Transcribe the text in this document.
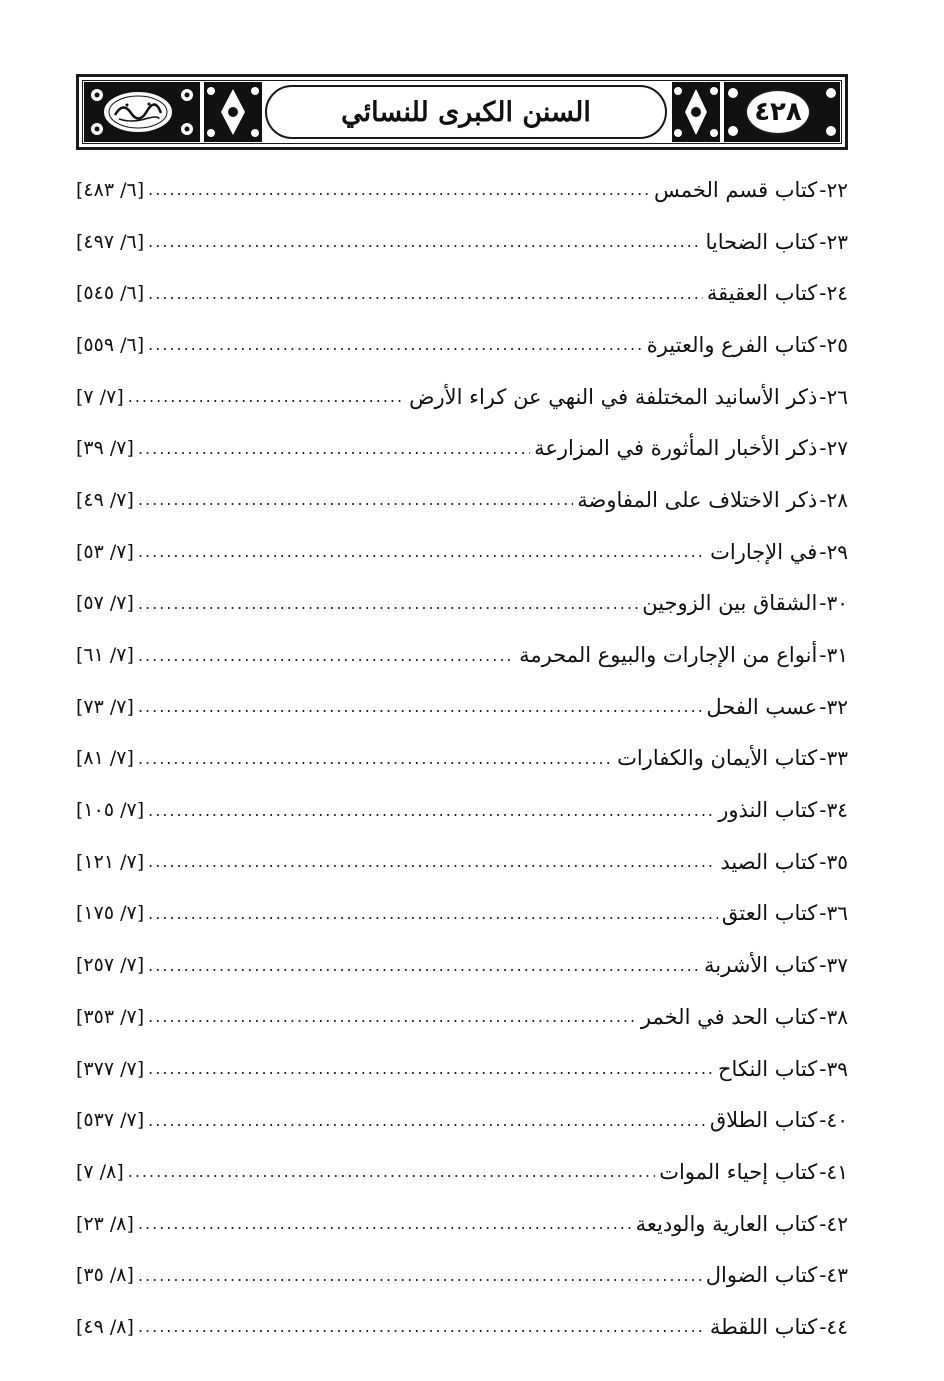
السنن الكبرى للنسائي	٤٢٨
٢٢-
كتاب قسم الخمس
.....
[٦/ ٤٨٣]
٢٣-
كتاب الضحايا
.....
[٦/ ٤٩٧]
٢٤-
كتاب العقيقة
.....
[٦/ ٥٤٥]
٢٥-
كتاب الفرع والعتيرة
.....
[٦/ ٥٥٩]
٢٦-
ذكر الأسانيد المختلفة في النهي عن كراء الأرض
.....
[٧/ ٧]
٢٧-
ذكر الأخبار المأثورة في المزارعة
.....
[٧/ ٣٩]
٢٨-
ذكر الاختلاف على المفاوضة
.....
[٧/ ٤٩]
٢٩-
في الإجارات
.....
[٧/ ٥٣]
٣٠-
الشقاق بين الزوجين
.....
[٧/ ٥٧]
٣١-
أنواع من الإجارات والبيوع المحرمة
.....
[٧/ ٦١]
٣٢-
عسب الفحل
.....
[٧/ ٧٣]
٣٣-
كتاب الأيمان والكفارات
.....
[٧/ ٨١]
٣٤-
كتاب النذور
.....
[٧/ ١٠٥]
٣٥-
كتاب الصيد
.....
[٧/ ١٢١]
٣٦-
كتاب العتق
.....
[٧/ ١٧٥]
٣٧-
كتاب الأشربة
.....
[٧/ ٢٥٧]
٣٨-
كتاب الحد في الخمر
.....
[٧/ ٣٥٣]
٣٩-
كتاب النكاح
.....
[٧/ ٣٧٧]
٤٠-
كتاب الطلاق
.....
[٧/ ٥٣٧]
٤١-
كتاب إحياء الموات
.....
[٨/ ٧]
٤٢-
كتاب العارية والوديعة
.....
[٨/ ٢٣]
٤٣-
كتاب الضوال
.....
[٨/ ٣٥]
٤٤-
كتاب اللقطة
.....
[٨/ ٤٩]
